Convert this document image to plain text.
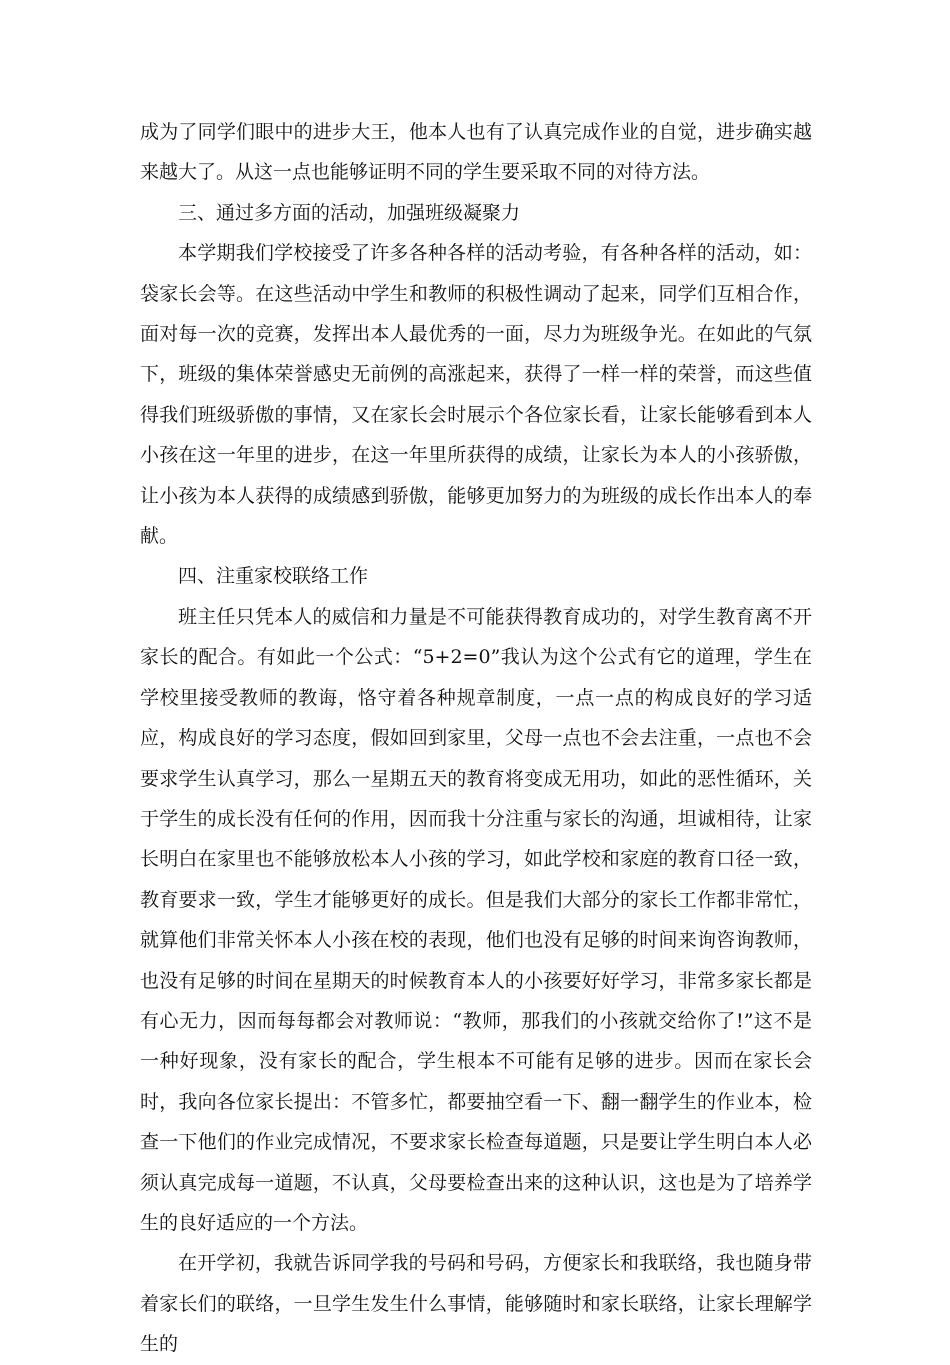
成为了同学们眼中的进步大王，他本人也有了认真完成作业的自觉，进步确实越来越大了。从这一点也能够证明不同的学生要采取不同的对待方法。

三、通过多方面的活动，加强班级凝聚力

本学期我们学校接受了许多各种各样的活动考验，有各种各样的活动，如：袋家长会等。在这些活动中学生和教师的积极性调动了起来，同学们互相合作，面对每一次的竞赛，发挥出本人最优秀的一面，尽力为班级争光。在如此的气氛下，班级的集体荣誉感史无前例的高涨起来，获得了一样一样的荣誉，而这些值得我们班级骄傲的事情，又在家长会时展示个各位家长看，让家长能够看到本人小孩在这一年里的进步，在这一年里所获得的成绩，让家长为本人的小孩骄傲，让小孩为本人获得的成绩感到骄傲，能够更加努力的为班级的成长作出本人的奉献。

四、注重家校联络工作

班主任只凭本人的威信和力量是不可能获得教育成功的，对学生教育离不开家长的配合。有如此一个公式：“5+2=0”我认为这个公式有它的道理，学生在学校里接受教师的教诲，恪守着各种规章制度，一点一点的构成良好的学习适应，构成良好的学习态度，假如回到家里，父母一点也不会去注重，一点也不会要求学生认真学习，那么一星期五天的教育将变成无用功，如此的恶性循环，关于学生的成长没有任何的作用，因而我十分注重与家长的沟通，坦诚相待，让家长明白在家里也不能够放松本人小孩的学习，如此学校和家庭的教育口径一致，教育要求一致，学生才能够更好的成长。但是我们大部分的家长工作都非常忙，就算他们非常关怀本人小孩在校的表现，他们也没有足够的时间来询咨询教师，也没有足够的时间在星期天的时候教育本人的小孩要好好学习，非常多家长都是有心无力，因而每每都会对教师说：“教师，那我们的小孩就交给你了!”这不是一种好现象，没有家长的配合，学生根本不可能有足够的进步。因而在家长会时，我向各位家长提出：不管多忙，都要抽空看一下、翻一翻学生的作业本，检查一下他们的作业完成情况，不要求家长检查每道题，只是要让学生明白本人必须认真完成每一道题，不认真，父母要检查出来的这种认识，这也是为了培养学生的良好适应的一个方法。

在开学初，我就告诉同学我的号码和号码，方便家长和我联络，我也随身带着家长们的联络，一旦学生发生什么事情，能够随时和家长联络，让家长理解学生的
